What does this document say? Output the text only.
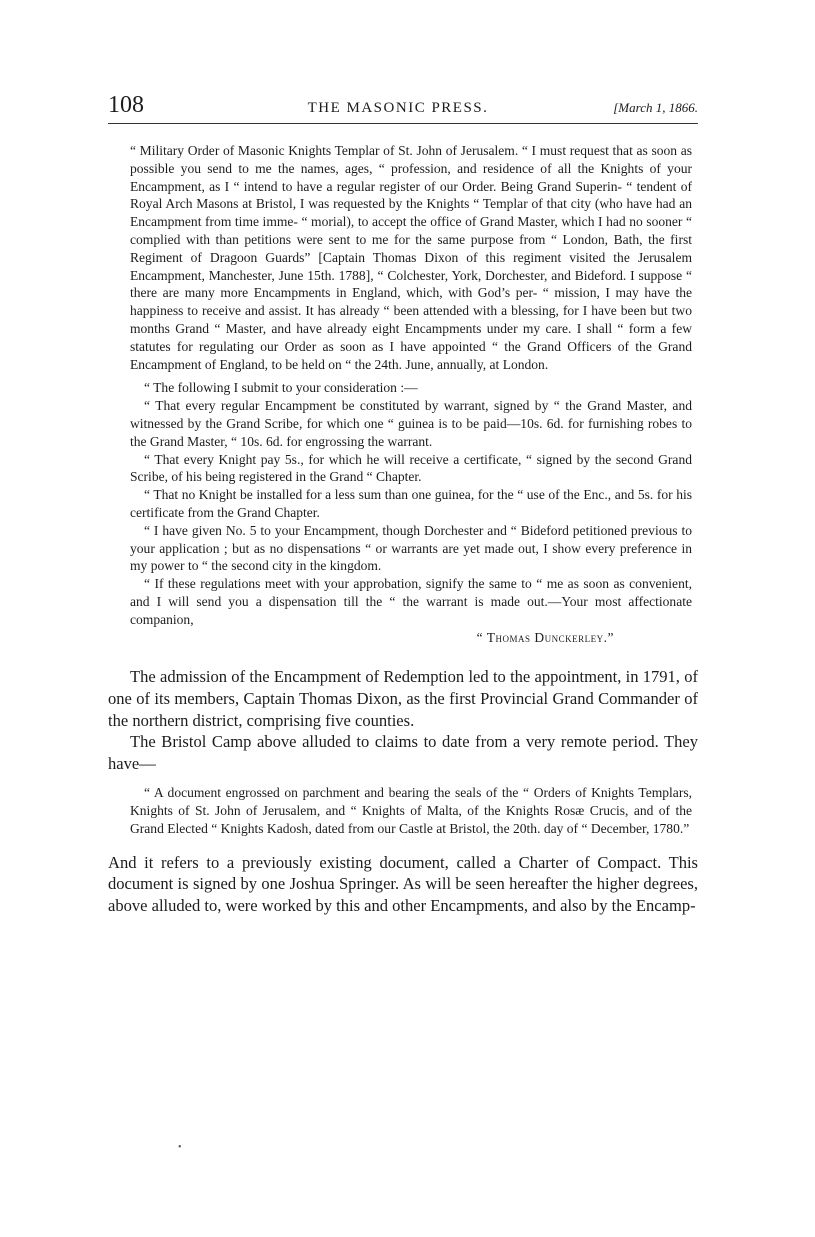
108	THE MASONIC PRESS.	[March 1, 1866.

“ Military Order of Masonic Knights Templar of St. John of Jerusalem. “ I must request that as soon as possible you send to me the names, ages, “ profession, and residence of all the Knights of your Encampment, as I “ intend to have a regular register of our Order. Being Grand Superin- “ tendent of Royal Arch Masons at Bristol, I was requested by the Knights “ Templar of that city (who have had an Encampment from time imme- “ morial), to accept the office of Grand Master, which I had no sooner “ complied with than petitions were sent to me for the same purpose from “ London, Bath, the first Regiment of Dragoon Guards” [Captain Thomas Dixon of this regiment visited the Jerusalem Encampment, Manchester, June 15th. 1788], “ Colchester, York, Dorchester, and Bideford. I suppose “ there are many more Encampments in England, which, with God’s per- “ mission, I may have the happiness to receive and assist. It has already “ been attended with a blessing, for I have been but two months Grand “ Master, and have already eight Encampments under my care. I shall “ form a few statutes for regulating our Order as soon as I have appointed “ the Grand Officers of the Grand Encampment of England, to be held on “ the 24th. June, annually, at London.

“ The following I submit to your consideration :—

“ That every regular Encampment be constituted by warrant, signed by “ the Grand Master, and witnessed by the Grand Scribe, for which one “ guinea is to be paid—10s. 6d. for furnishing robes to the Grand Master, “ 10s. 6d. for engrossing the warrant.

“ That every Knight pay 5s., for which he will receive a certificate, “ signed by the second Grand Scribe, of his being registered in the Grand “ Chapter.

“ That no Knight be installed for a less sum than one guinea, for the “ use of the Enc., and 5s. for his certificate from the Grand Chapter.

“ I have given No. 5 to your Encampment, though Dorchester and “ Bideford petitioned previous to your application ; but as no dispensations “ or warrants are yet made out, I show every preference in my power to “ the second city in the kingdom.

“ If these regulations meet with your approbation, signify the same to “ me as soon as convenient, and I will send you a dispensation till the “ the warrant is made out.—Your most affectionate companion,

“ Thomas Dunckerley.”

The admission of the Encampment of Redemption led to the appointment, in 1791, of one of its members, Captain Thomas Dixon, as the first Provincial Grand Commander of the northern district, comprising five counties.

The Bristol Camp above alluded to claims to date from a very remote period. They have—

“ A document engrossed on parchment and bearing the seals of the “ Orders of Knights Templars, Knights of St. John of Jerusalem, and “ Knights of Malta, of the Knights Rosæ Crucis, and of the Grand Elected “ Knights Kadosh, dated from our Castle at Bristol, the 20th. day of “ December, 1780.”

And it refers to a previously existing document, called a Charter of Compact. This document is signed by one Joshua Springer. As will be seen hereafter the higher degrees, above alluded to, were worked by this and other Encampments, and also by the Encamp-

•
